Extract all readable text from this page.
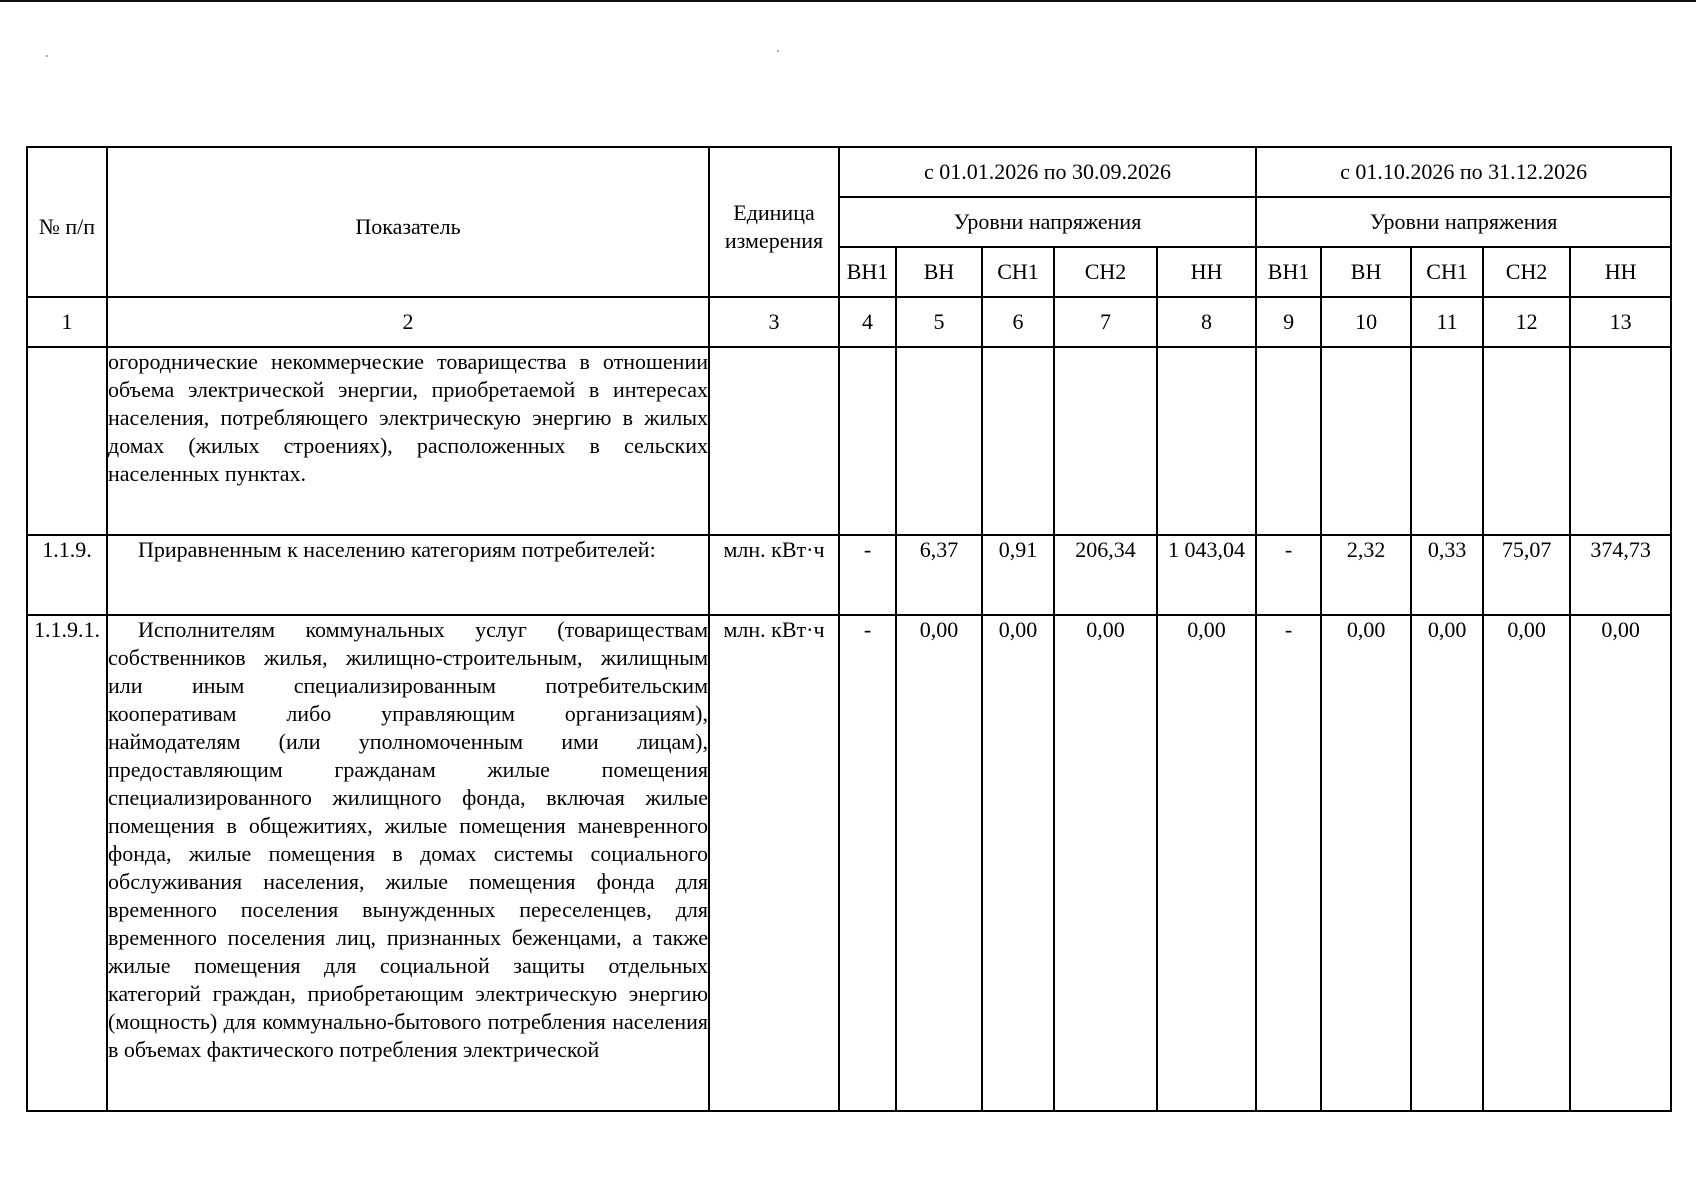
№ п/п	Показатель	Единица измерения	с 01.01.2026 по 30.09.2026					с 01.10.2026 по 31.12.2026				
			Уровни напряжения					Уровни напряжения				
			ВН1	ВН	СН1	СН2	НН	ВН1	ВН	СН1	СН2	НН
1	2	3	4	5	6	7	8	9	10	11	12	13
	огороднические некоммерческие товарищества в отношении объема электрической энергии, приобретаемой в интересах населения, потребляющего электрическую энергию в жилых домах (жилых строениях), расположенных в сельских населенных пунктах.											
1.1.9.	Приравненным к населению категориям потребителей:	млн. кВт·ч	-	6,37	0,91	206,34	1 043,04	-	2,32	0,33	75,07	374,73
1.1.9.1.	Исполнителям коммунальных услуг (товариществам собственников жилья, жилищно-строительным, жилищным или иным специализированным потребительским кооперативам либо управляющим организациям), наймодателям (или уполномоченным ими лицам), предоставляющим гражданам жилые помещения специализированного жилищного фонда, включая жилые помещения в общежитиях, жилые помещения маневренного фонда, жилые помещения в домах системы социального обслуживания населения, жилые помещения фонда для временного поселения вынужденных переселенцев, для временного поселения лиц, признанных беженцами, а также жилые помещения для социальной защиты отдельных категорий граждан, приобретающим электрическую энергию (мощность) для коммунально-бытового потребления населения в объемах фактического потребления электрической	млн. кВт·ч	-	0,00	0,00	0,00	0,00	-	0,00	0,00	0,00	0,00
